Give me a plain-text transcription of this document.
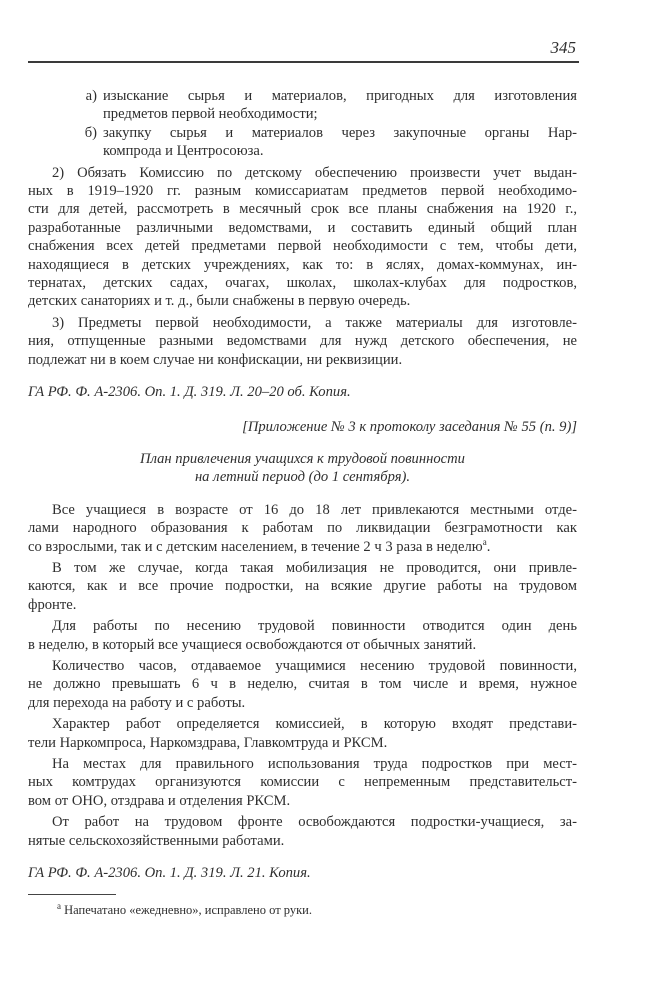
345
а) изыскание сырья и материалов, пригодных для изготовления
предметов первой необходимости;
б) закупку сырья и материалов через закупочные органы Нар-
компрода и Центросоюза.
2) Обязать Комиссию по детскому обеспечению произвести учет выдан-
ных в 1919–1920 гг. разным комиссариатам предметов первой необходимо-
сти для детей, рассмотреть в месячный срок все планы снабжения на 1920 г.,
разработанные различными ведомствами, и составить единый общий план
снабжения всех детей предметами первой необходимости с тем, чтобы дети,
находящиеся в детских учреждениях, как то: в яслях, домах-коммунах, ин-
тернатах, детских садах, очагах, школах, школах-клубах для подростков,
детских санаториях и т. д., были снабжены в первую очередь.
3) Предметы первой необходимости, а также материалы для изготовле-
ния, отпущенные разными ведомствами для нужд детского обеспечения, не
подлежат ни в коем случае ни конфискации, ни реквизиции.
ГА РФ. Ф. А-2306. Оп. 1. Д. 319. Л. 20–20 об. Копия.
[Приложение № 3 к протоколу заседания № 55 (п. 9)]
План привлечения учащихся к трудовой повинности
на летний период (до 1 сентября).
Все учащиеся в возрасте от 16 до 18 лет привлекаются местными отде-
лами народного образования к работам по ликвидации безграмотности как
со взрослыми, так и с детским населением, в течение 2 ч 3 раза в неделю$^а$.
В том же случае, когда такая мобилизация не проводится, они привле-
каются, как и все прочие подростки, на всякие другие работы на трудовом
фронте.
Для работы по несению трудовой повинности отводится один день
в неделю, в который все учащиеся освобождаются от обычных занятий.
Количество часов, отдаваемое учащимися несению трудовой повинности,
не должно превышать 6 ч в неделю, считая в том числе и время, нужное
для перехода на работу и с работы.
Характер работ определяется комиссией, в которую входят представи-
тели Наркомпроса, Наркомздрава, Главкомтруда и РКСМ.
На местах для правильного использования труда подростков при мест-
ных комтрудах организуются комиссии с непременным представительст-
вом от ОНО, отздрава и отделения РКСМ.
От работ на трудовом фронте освобождаются подростки-учащиеся, за-
нятые сельскохозяйственными работами.
ГА РФ. Ф. А-2306. Оп. 1. Д. 319. Л. 21. Копия.
$^а$ Напечатано «ежедневно», исправлено от руки.
